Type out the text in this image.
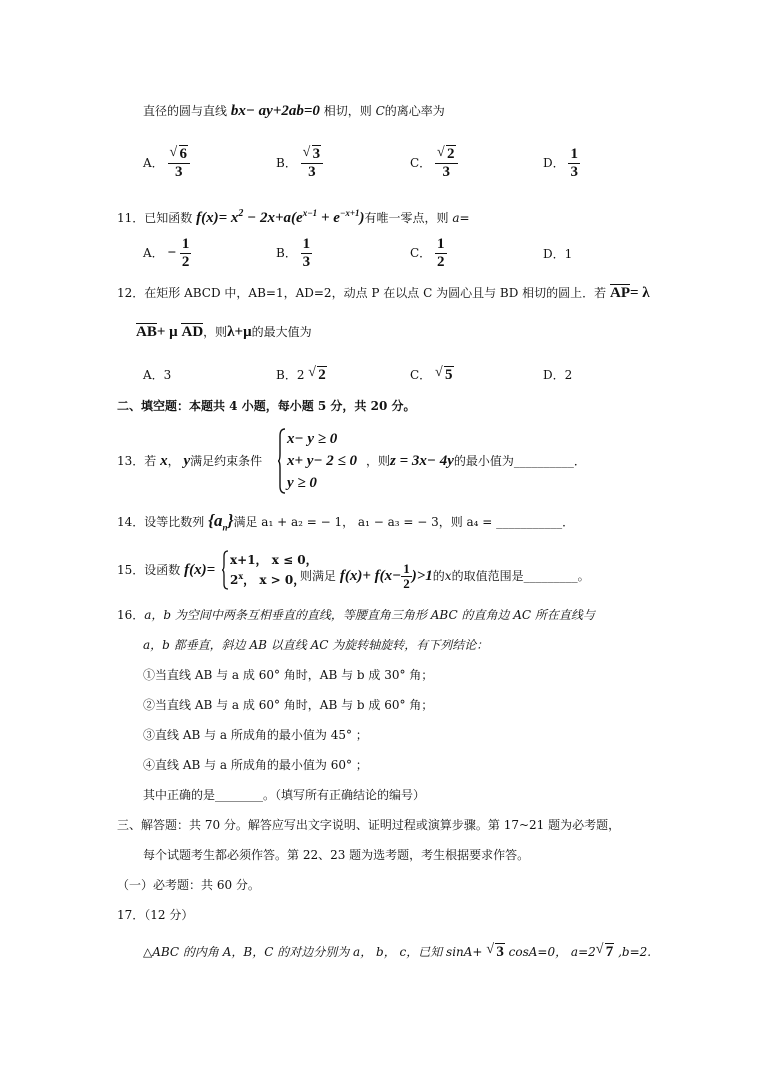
直径的圆与直线 bx− ay+2ab=0 相切，则 C的离心率为
A． $\frac{√ 6}{3}$	B． $\frac{√ 3}{3}$	C． $\frac{√ 2}{3}$	D． $\frac{1}{3}$
11．已知函数 $f(x)= x^2 - 2x+a(e^{x-1} + e^{-x+1})$有唯一零点，则 a=
A． − $\frac{1}{2}$	B． $\frac{1}{3}$	C． $\frac{1}{2}$	D．1
12．在矩形 ABCD 中，AB=1，AD=2，动点 P 在以点 C 为圆心且与 BD 相切的圆上．若 AP= λ
AB+ μ AD，则λ+μ的最大值为
A．3	B．2 √ 2	C． √ 5	D．2
二、填空题：本题共 4 小题，每小题 5 分，共 20 分。
13．若 x， y满足约束条件
x− y ≥ 0
x+ y− 2 ≤ 0
y ≥ 0
，则z = 3x− 4y的最小值为__________．
14．设等比数列 $\{a_n\}$满足 a₁ + a₂ = − 1， a₁ − a₃ = − 3，则 a₄ = ___________．
15．设函数 f(x)=
x+1， x ≤ 0，
2$^x$， x > 0，
则满足 $f(x)+ f(x- \frac{1}{2} )>1$的x的取值范围是_________。
16．a，b 为空间中两条互相垂直的直线，等腰直角三角形 ABC 的直角边 AC 所在直线与
a，b 都垂直，斜边 AB 以直线 AC 为旋转轴旋转，有下列结论：
①当直线 AB 与 a 成 60° 角时，AB 与 b 成 30° 角；
②当直线 AB 与 a 成 60° 角时，AB 与 b 成 60° 角；
③直线 AB 与 a 所成角的最小值为 45° ；
④直线 AB 与 a 所成角的最小值为 60° ；
其中正确的是________。（填写所有正确结论的编号）
三、解答题：共 70 分。解答应写出文字说明、证明过程或演算步骤。第 17~21 题为必考题，
每个试题考生都必须作答。第 22、23 题为选考题，考生根据要求作答。
（一）必考题：共 60 分。
17．（12 分）
△ABC 的内角 A，B，C 的对边分别为 a， b， c，已知 sinA+ √ 3 cosA=0， a=2 √ 7 ,b=2.
